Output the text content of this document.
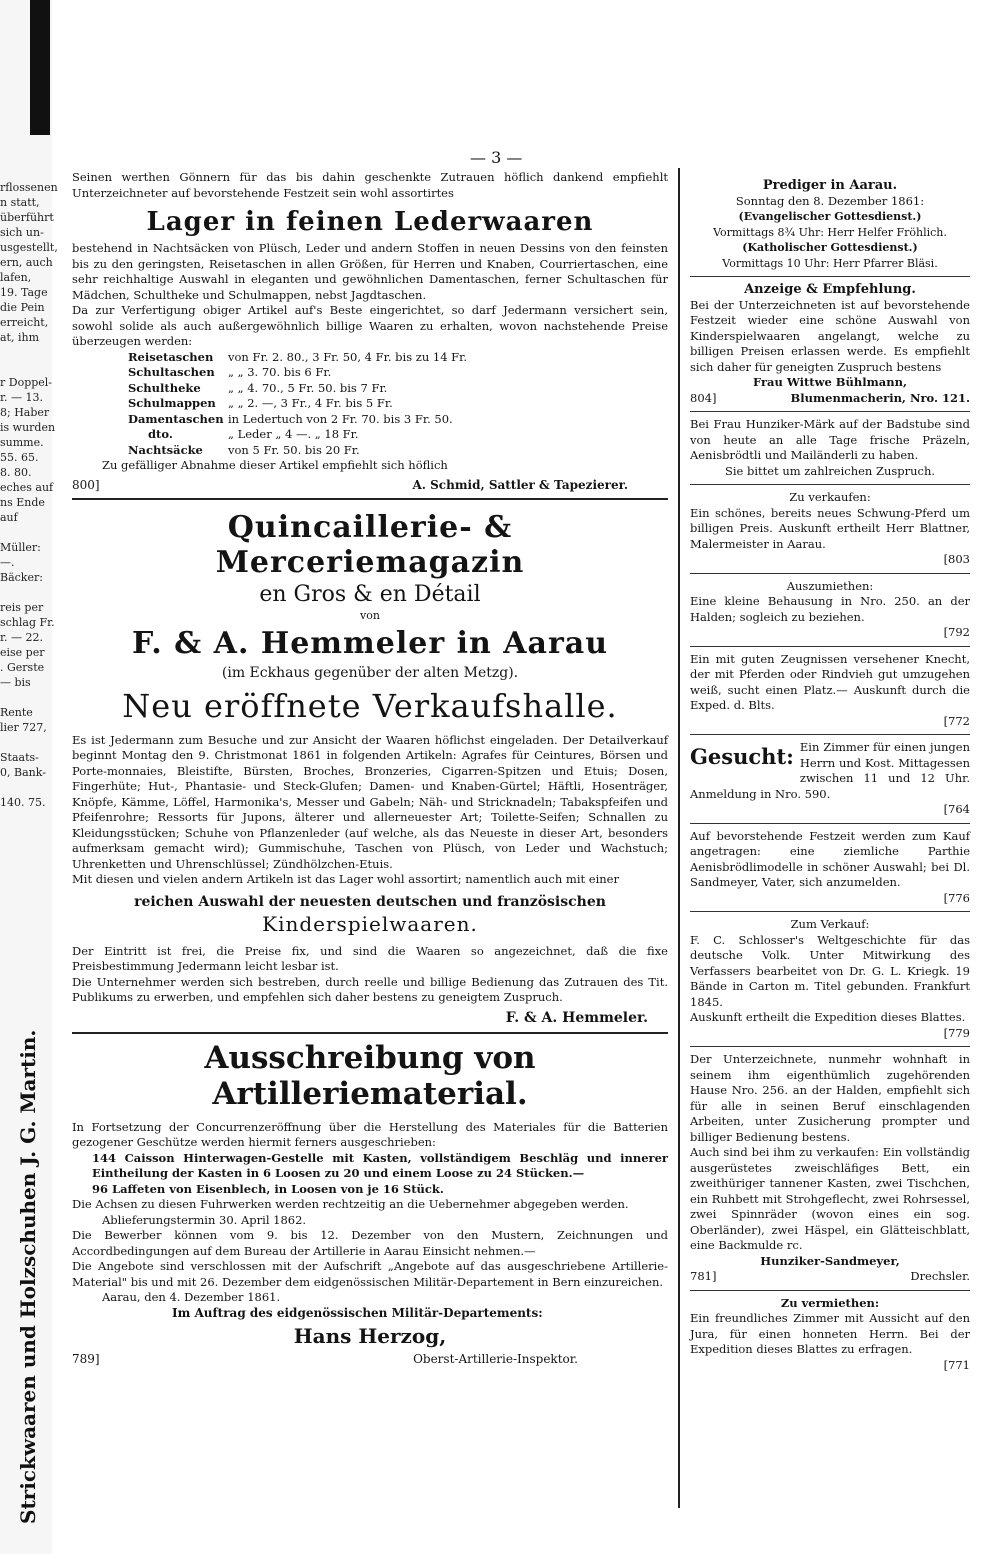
rflossenen
n statt,
überführt
sich un-
usgestellt,
ern, auch
lafen,
19. Tage
die Pein
erreicht,
at, ihm

r Doppel-
r. — 13.
8; Haber
is wurden
summe.
55. 65.
8. 80.
eches auf
ns Ende
auf

Müller:
—.
Bäcker:

reis per
schlag Fr.
r. — 22.
eise per
. Gerste
— bis

Rente
lier 727,

Staats-
0, Bank-

140. 75.
Strickwaaren und Holzschuhen J. G. Martin.
— 3 —

Seinen werthen Gönnern für das bis dahin geschenkte Zutrauen höflich dankend empfiehlt Unterzeichneter auf bevorstehende Festzeit sein wohl assortirtes

Lager in feinen Lederwaaren

bestehend in Nachtsäcken von Plüsch, Leder und andern Stoffen in neuen Dessins von den feinsten bis zu den geringsten, Reisetaschen in allen Größen, für Herren und Knaben, Courriertaschen, eine sehr reichhaltige Auswahl in eleganten und gewöhnlichen Damentaschen, ferner Schultaschen für Mädchen, Schultheke und Schulmappen, nebst Jagdtaschen.

Da zur Verfertigung obiger Artikel auf's Beste eingerichtet, so darf Jedermann versichert sein, sowohl solide als auch außergewöhnlich billige Waaren zu erhalten, wovon nachstehende Preise überzeugen werden:

Reisetaschen von Fr. 2. 80., 3 Fr. 50, 4 Fr. bis zu 14 Fr.

Schultaschen „ „ 3. 70. bis 6 Fr.

Schultheke „ „ 4. 70., 5 Fr. 50. bis 7 Fr.

Schulmappen „ „ 2. —, 3 Fr., 4 Fr. bis 5 Fr.

Damentaschen in Ledertuch von 2 Fr. 70. bis 3 Fr. 50.

dto.	„ Leder „ 4 —. „ 18 Fr.

Nachtsäcke von 5 Fr. 50. bis 20 Fr.

Zu gefälliger Abnahme dieser Artikel empfiehlt sich höflich

800]	A. Schmid, Sattler & Tapezierer.
Quincaillerie- & Merceriemagazin
en Gros & en Détail
von
F. & A. Hemmeler in Aarau
(im Eckhaus gegenüber der alten Metzg).
Neu eröffnete Verkaufshalle.

Es ist Jedermann zum Besuche und zur Ansicht der Waaren höflichst eingeladen. Der Detailverkauf beginnt Montag den 9. Christmonat 1861 in folgenden Artikeln: Agrafes für Ceintures, Börsen und Porte-monnaies, Bleistifte, Bürsten, Broches, Bronzeries, Cigarren-Spitzen und Etuis; Dosen, Fingerhüte; Hut-, Phantasie- und Steck-Glufen; Damen- und Knaben-Gürtel; Häftli, Hosenträger, Knöpfe, Kämme, Löffel, Harmonika's, Messer und Gabeln; Näh- und Stricknadeln; Tabakspfeifen und Pfeifenrohre; Ressorts für Jupons, älterer und allerneuester Art; Toilette-Seifen; Schnallen zu Kleidungsstücken; Schuhe von Pflanzenleder (auf welche, als das Neueste in dieser Art, besonders aufmerksam gemacht wird); Gummischuhe, Taschen von Plüsch, von Leder und Wachstuch; Uhrenketten und Uhrenschlüssel; Zündhölzchen-Etuis.

Mit diesen und vielen andern Artikeln ist das Lager wohl assortirt; namentlich auch mit einer

reichen Auswahl der neuesten deutschen und französischen
Kinderspielwaaren.

Der Eintritt ist frei, die Preise fix, und sind die Waaren so angezeichnet, daß die fixe Preisbestimmung Jedermann leicht lesbar ist.

Die Unternehmer werden sich bestreben, durch reelle und billige Bedienung das Zutrauen des Tit. Publikums zu erwerben, und empfehlen sich daher bestens zu geneigtem Zuspruch.

F. & A. Hemmeler.
Ausschreibung von Artilleriematerial.

In Fortsetzung der Concurrenzeröffnung über die Herstellung des Materiales für die Batterien gezogener Geschütze werden hiermit ferners ausgeschrieben:

144 Caisson Hinterwagen-Gestelle mit Kasten, vollständigem Beschläg und innerer Eintheilung der Kasten in 6 Loosen zu 20 und einem Loose zu 24 Stücken.—

96 Laffeten von Eisenblech, in Loosen von je 16 Stück.

Die Achsen zu diesen Fuhrwerken werden rechtzeitig an die Uebernehmer abgegeben werden.

Ablieferungstermin 30. April 1862.

Die Bewerber können vom 9. bis 12. Dezember von den Mustern, Zeichnungen und Accordbedingungen auf dem Bureau der Artillerie in Aarau Einsicht nehmen.—

Die Angebote sind verschlossen mit der Aufschrift „Angebote auf das ausgeschriebene Artillerie-Material" bis und mit 26. Dezember dem eidgenössischen Militär-Departement in Bern einzureichen.

Aarau, den 4. Dezember 1861.

Im Auftrag des eidgenössischen Militär-Departements:
Hans Herzog,
789]	Oberst-Artillerie-Inspektor.
Prediger in Aarau.
Sonntag den 8. Dezember 1861:
(Evangelischer Gottesdienst.)
Vormittags 8¾ Uhr: Herr Helfer Fröhlich.
(Katholischer Gottesdienst.)
Vormittags 10 Uhr: Herr Pfarrer Bläsi.
Anzeige & Empfehlung.

Bei der Unterzeichneten ist auf bevorstehende Festzeit wieder eine schöne Auswahl von Kinderspielwaaren angelangt, welche zu billigen Preisen erlassen werde. Es empfiehlt sich daher für geneigten Zuspruch bestens

Frau Wittwe Bühlmann,
804]	Blumenmacherin, Nro. 121.

Bei Frau Hunziker-Märk auf der Badstube sind von heute an alle Tage frische Präzeln, Aenisbrödtli und Mailänderli zu haben.

Sie bittet um zahlreichen Zuspruch.
Zu verkaufen:

Ein schönes, bereits neues Schwung-Pferd um billigen Preis. Auskunft ertheilt Herr Blattner, Malermeister in Aarau.

[803
Auszumiethen:

Eine kleine Behausung in Nro. 250. an der Halden; sogleich zu beziehen.

[792

Ein mit guten Zeugnissen versehener Knecht, der mit Pferden oder Rindvieh gut umzugehen weiß, sucht einen Platz.— Auskunft durch die Exped. d. Blts.

[772
Gesucht: Ein Zimmer für einen jungen Herrn und Kost. Mittagessen zwischen 11 und 12 Uhr. Anmeldung in Nro. 590.

[764

Auf bevorstehende Festzeit werden zum Kauf angetragen: eine ziemliche Parthie Aenisbrödlimodelle in schöner Auswahl; bei Dl. Sandmeyer, Vater, sich anzumelden.

[776
Zum Verkauf:

F. C. Schlosser's Weltgeschichte für das deutsche Volk. Unter Mitwirkung des Verfassers bearbeitet von Dr. G. L. Kriegk. 19 Bände in Carton m. Titel gebunden. Frankfurt 1845.

Auskunft ertheilt die Expedition dieses Blattes.

[779

Der Unterzeichnete, nunmehr wohnhaft in seinem ihm eigenthümlich zugehörenden Hause Nro. 256. an der Halden, empfiehlt sich für alle in seinen Beruf einschlagenden Arbeiten, unter Zusicherung prompter und billiger Bedienung bestens.

Auch sind bei ihm zu verkaufen: Ein vollständig ausgerüstetes zweischläfiges Bett, ein zweithüriger tannener Kasten, zwei Tischchen, ein Ruhbett mit Strohgeflecht, zwei Rohrsessel, zwei Spinnräder (wovon eines ein sog. Oberländer), zwei Häspel, ein Glätteischblatt, eine Backmulde rc.

Hunziker-Sandmeyer,
781]	Drechsler.
Zu vermiethen:

Ein freundliches Zimmer mit Aussicht auf den Jura, für einen honneten Herrn. Bei der Expedition dieses Blattes zu erfragen.

[771
